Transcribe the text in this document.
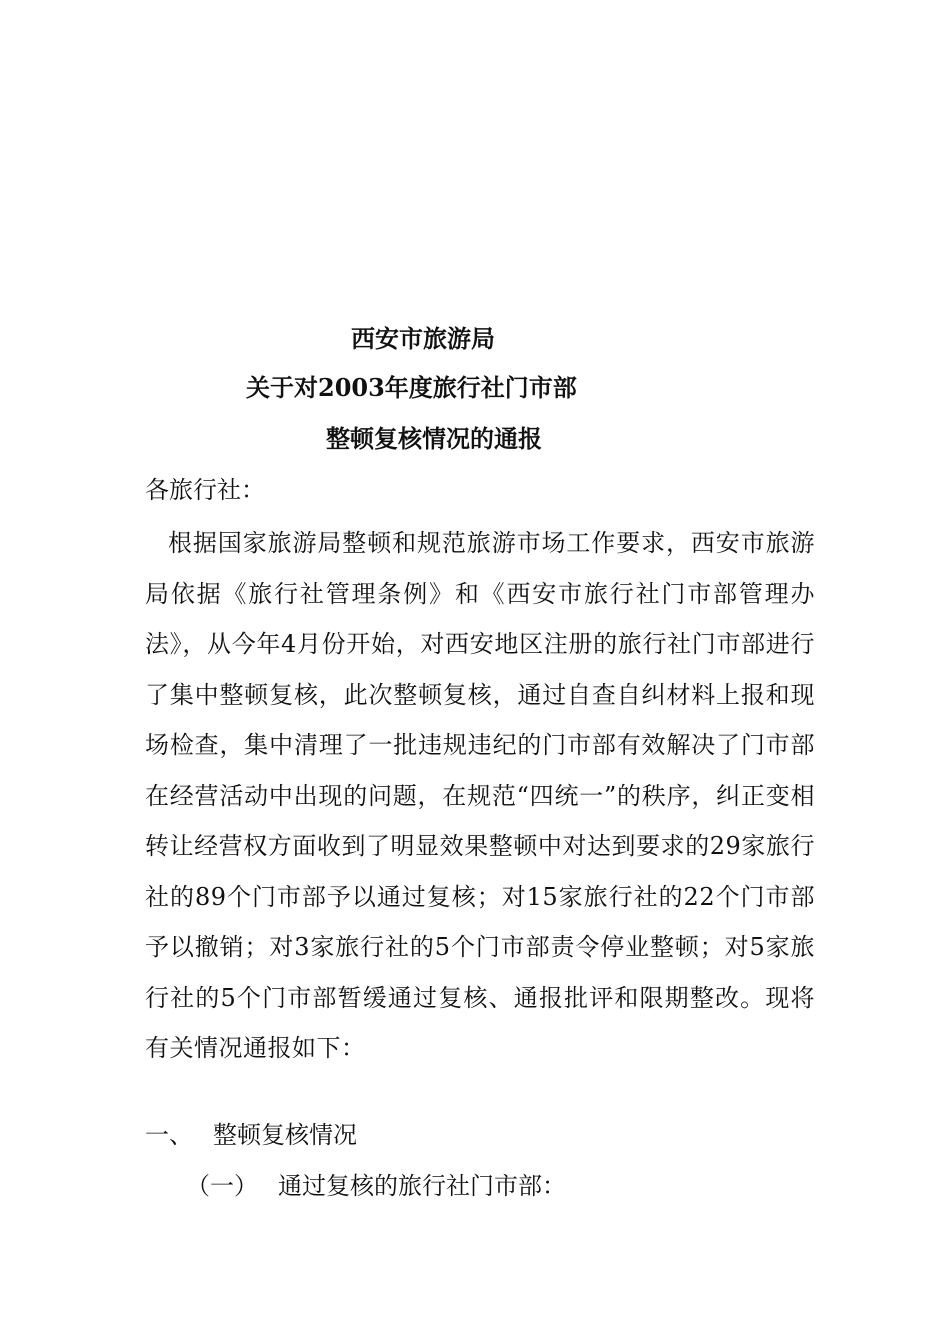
西安市旅游局
关于对2003年度旅行社门市部
整顿复核情况的通报
各旅行社：

根据国家旅游局整顿和规范旅游市场工作要求，西安市旅游局依据《旅行社管理条例》和《西安市旅行社门市部管理办法》，从今年4月份开始，对西安地区注册的旅行社门市部进行了集中整顿复核，此次整顿复核，通过自查自纠材料上报和现场检查，集中清理了一批违规违纪的门市部有效解决了门市部在经营活动中出现的问题，在规范“四统一”的秩序，纠正变相转让经营权方面收到了明显效果整顿中对达到要求的29家旅行社的89个门市部予以通过复核；对15家旅行社的22个门市部予以撤销；对3家旅行社的5个门市部责令停业整顿；对5家旅行社的5个门市部暂缓通过复核、通报批评和限期整改。现将有关情况通报如下：

一、 整顿复核情况
（一） 通过复核的旅行社门市部：
